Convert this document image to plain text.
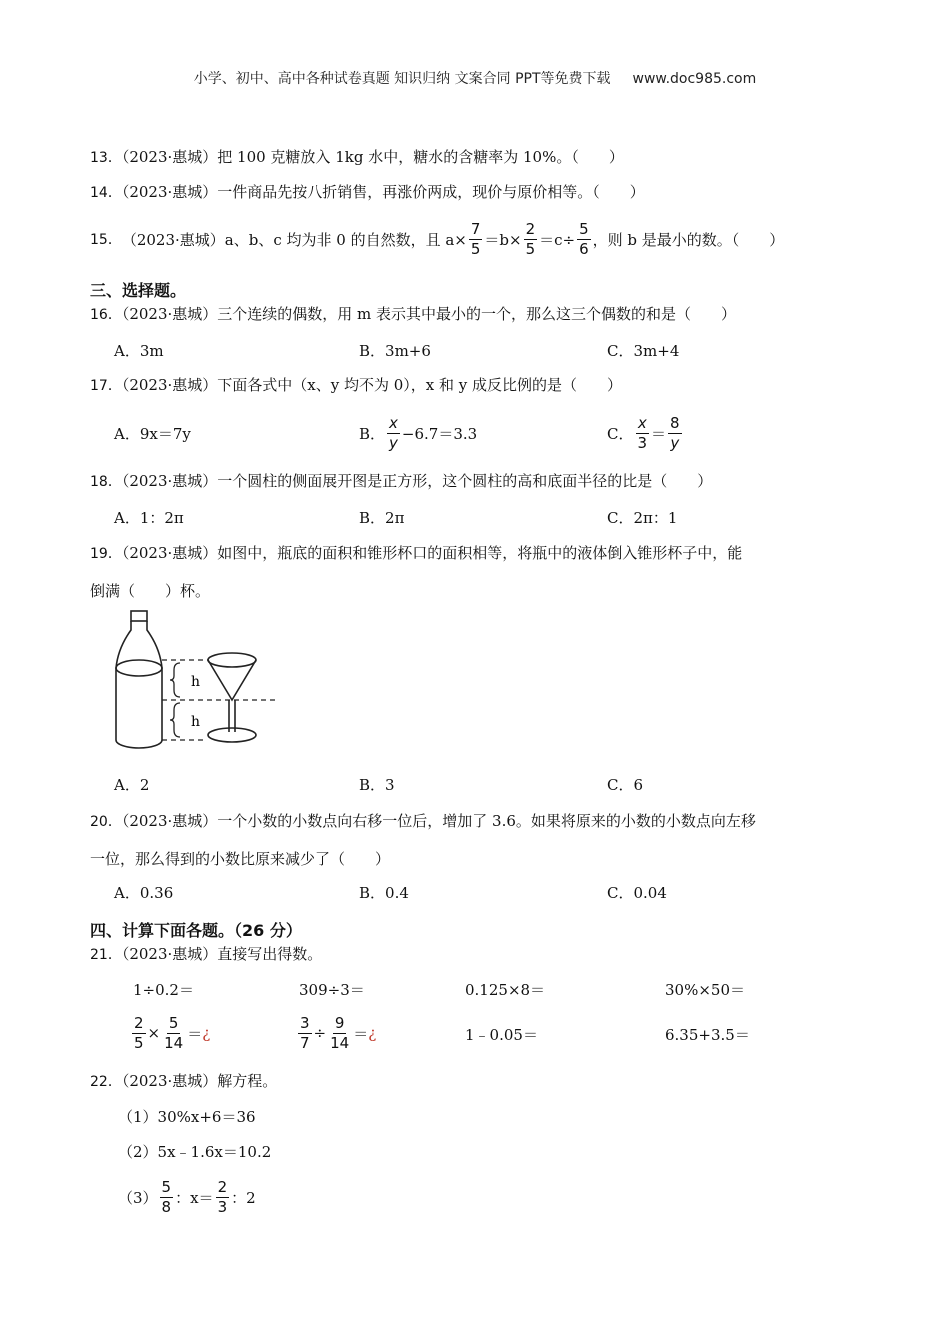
小学、初中、高中各种试卷真题 知识归纳 文案合同 PPT等免费下载 www.doc985.com
13．（2023·惠城）把 100 克糖放入 1kg 水中，糖水的含糖率为 10%。（　　）
14．（2023·惠城）一件商品先按八折销售，再涨价两成，现价与原价相等。（　　）
15． （2023·惠城）a、b、c 均为非 0 的自然数，且 $a\times \frac{7}{5} =b\times \frac{2}{5} =c\div \frac{5}{6}$ ，则 b 是最小的数。（　　）
三、选择题。
16．（2023·惠城）三个连续的偶数，用 m 表示其中最小的一个，那么这三个偶数的和是（　　）
A．3m	B．3m+6	C．3m+4
17．（2023·惠城）下面各式中（x、y 均不为 0），x 和 y 成反比例的是（　　）
A．9x＝7y	B． $\frac{x}{y} -6.7=3.3$	C． $\frac{x}{3} = \frac{8}{y}$
18．（2023·惠城）一个圆柱的侧面展开图是正方形，这个圆柱的高和底面半径的比是（　　）
A．1：2π	B．2π	C．2π：1
19．（2023·惠城）如图中，瓶底的面积和锥形杯口的面积相等，将瓶中的液体倒入锥形杯子中，能
倒满（　　）杯。
h
h
A．2	B．3	C．6
20．（2023·惠城）一个小数的小数点向右移一位后，增加了 3.6。如果将原来的小数的小数点向左移
一位，那么得到的小数比原来减少了（　　）
A．0.36	B．0.4	C．0.04
四、计算下面各题。（26 分）
21．（2023·惠城）直接写出得数。
1÷0.2＝	309÷3＝	0.125×8＝	30%×50＝
$\frac{2}{5} \times \frac{5}{14}$ ＝ ¿	$\frac{3}{7} \div \frac{9}{14}$ ＝ ¿	1﹣0.05＝	6.35+3.5＝
22．（2023·惠城）解方程。
（1）30%x+6＝36
（2）5x﹣1.6x＝10.2
$(3) \frac{5}{8}$ ：$x= \frac{2}{3}$ ：2
